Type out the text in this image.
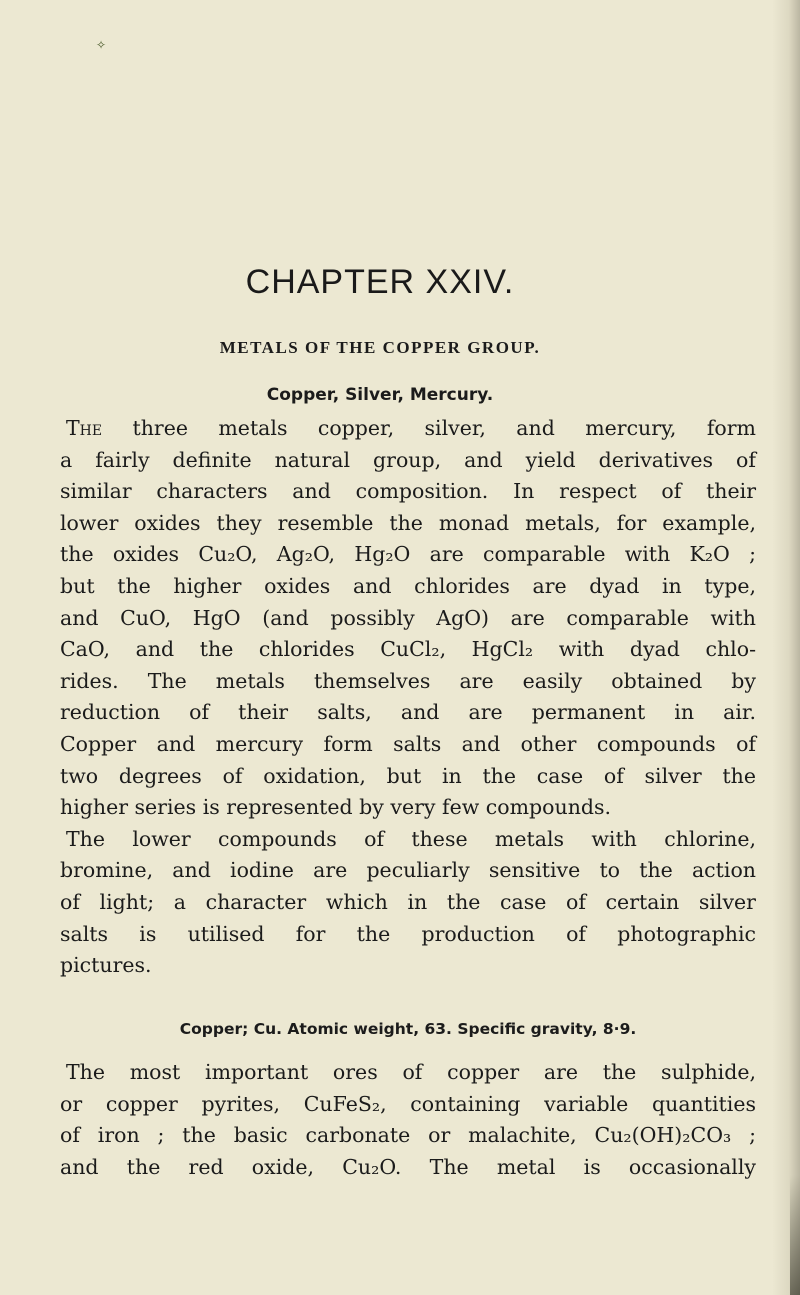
✧
CHAPTER XXIV.
METALS OF THE COPPER GROUP.
Copper, Silver, Mercury.
The three metals copper, silver, and mercury, form
a fairly definite natural group, and yield derivatives of
similar characters and composition. In respect of their
lower oxides they resemble the monad metals, for example,
the oxides Cu₂O, Ag₂O, Hg₂O are comparable with K₂O ;
but the higher oxides and chlorides are dyad in type,
and CuO, HgO (and possibly AgO) are comparable with
CaO, and the chlorides CuCl₂, HgCl₂ with dyad chlo-
rides. The metals themselves are easily obtained by
reduction of their salts, and are permanent in air.
Copper and mercury form salts and other compounds of
two degrees of oxidation, but in the case of silver the
higher series is represented by very few compounds.
The lower compounds of these metals with chlorine,
bromine, and iodine are peculiarly sensitive to the action
of light; a character which in the case of certain silver
salts is utilised for the production of photographic
pictures.
Copper; Cu. Atomic weight, 63. Specific gravity, 8·9.
The most important ores of copper are the sulphide,
or copper pyrites, CuFeS₂, containing variable quantities
of iron ; the basic carbonate or malachite, Cu₂(OH)₂CO₃ ;
and the red oxide, Cu₂O. The metal is occasionally
